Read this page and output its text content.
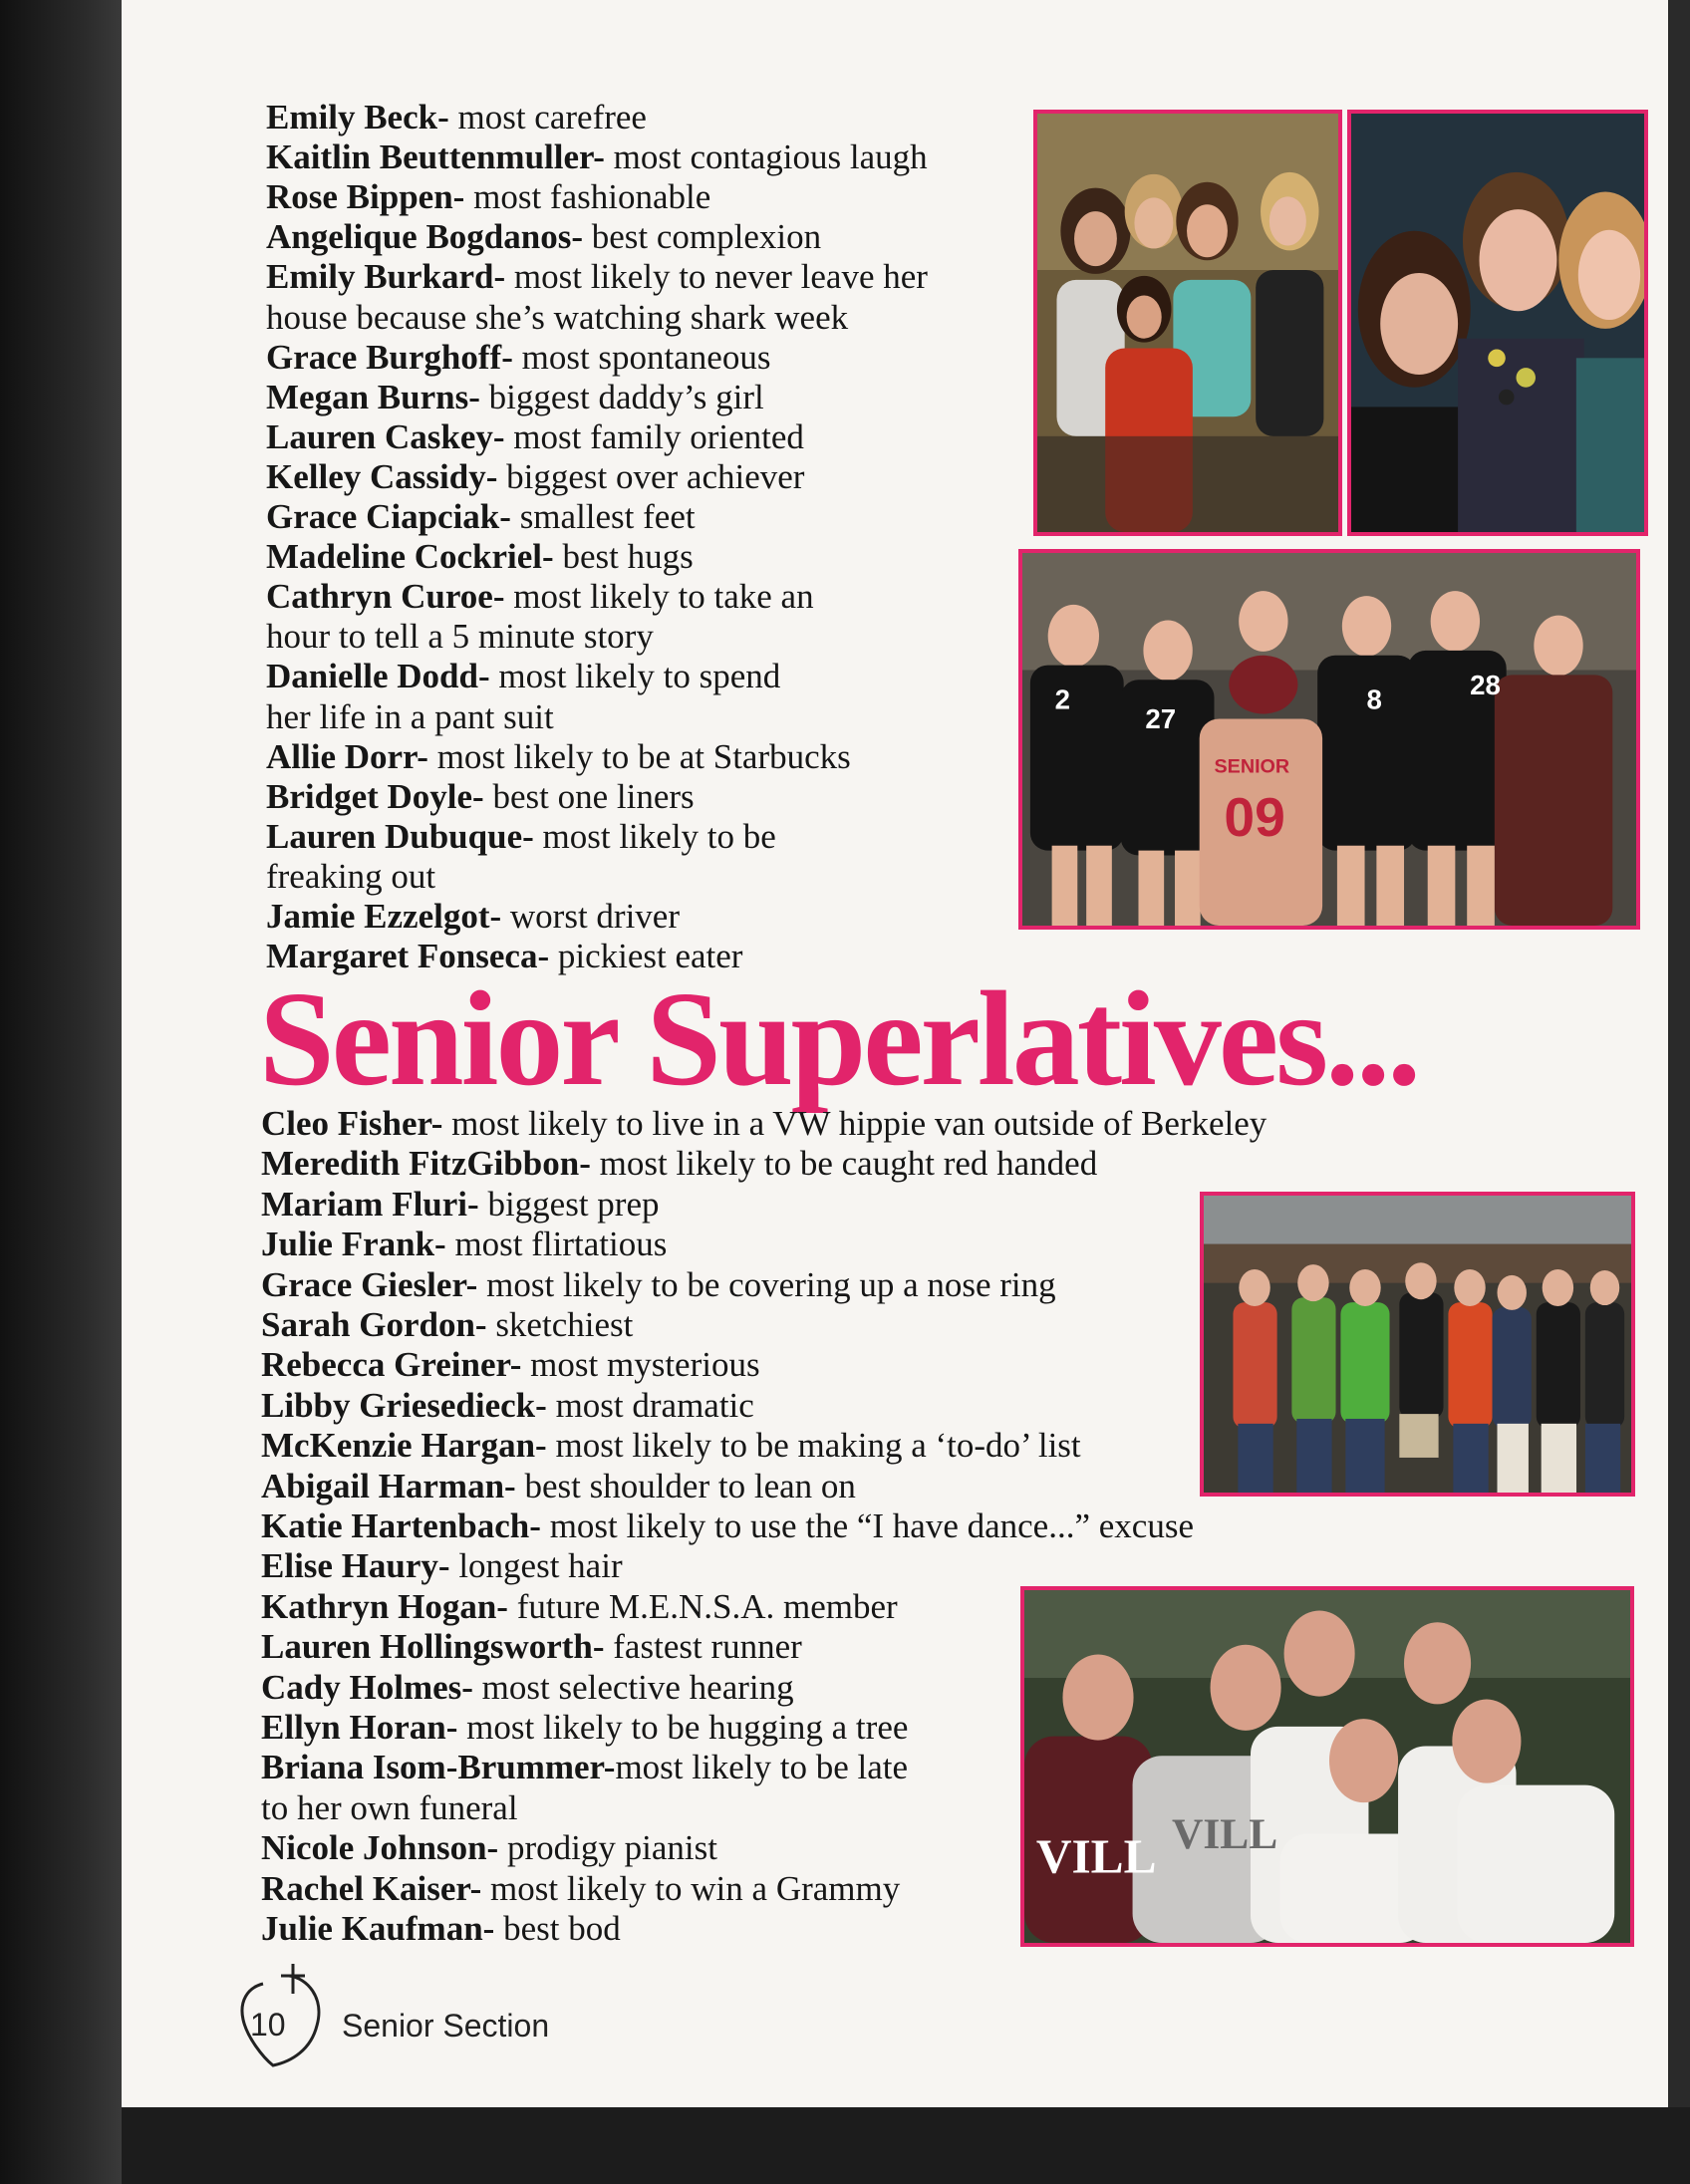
Emily Beck- most carefree
Kaitlin Beuttenmuller- most contagious laugh
Rose Bippen- most fashionable
Angelique Bogdanos- best complexion
Emily Burkard- most likely to never leave her
house because she’s watching shark week
Grace Burghoff- most spontaneous
Megan Burns- biggest daddy’s girl
Lauren Caskey- most family oriented
Kelley Cassidy- biggest over achiever
Grace Ciapciak- smallest feet
Madeline Cockriel- best hugs
Cathryn Curoe- most likely to take an
hour to tell a 5 minute story
Danielle Dodd- most likely to spend
her life in a pant suit
Allie Dorr- most likely to be at Starbucks
Bridget Doyle- best one liners
Lauren Dubuque- most likely to be
freaking out
Jamie Ezzelgot- worst driver
Margaret Fonseca- pickiest eater
Senior Superlatives...
Cleo Fisher- most likely to live in a VW hippie van outside of Berkeley
Meredith FitzGibbon- most likely to be caught red handed
Mariam Fluri- biggest prep
Julie Frank- most flirtatious
Grace Giesler- most likely to be covering up a nose ring
Sarah Gordon- sketchiest
Rebecca Greiner- most mysterious
Libby Griesedieck- most dramatic
McKenzie Hargan- most likely to be making a ‘to-do’ list
Abigail Harman- best shoulder to lean on
Katie Hartenbach- most likely to use the “I have dance...” excuse
Elise Haury- longest hair
Kathryn Hogan- future M.E.N.S.A. member
Lauren Hollingsworth- fastest runner
Cady Holmes- most selective hearing
Ellyn Horan- most likely to be hugging a tree
Briana Isom-Brummer-most likely to be late
to her own funeral
Nicole Johnson- prodigy pianist
Rachel Kaiser- most likely to win a Grammy
Julie Kaufman- best bod
2
27
8	28
SENIOR
09
VILL VILL
10 Senior Section
